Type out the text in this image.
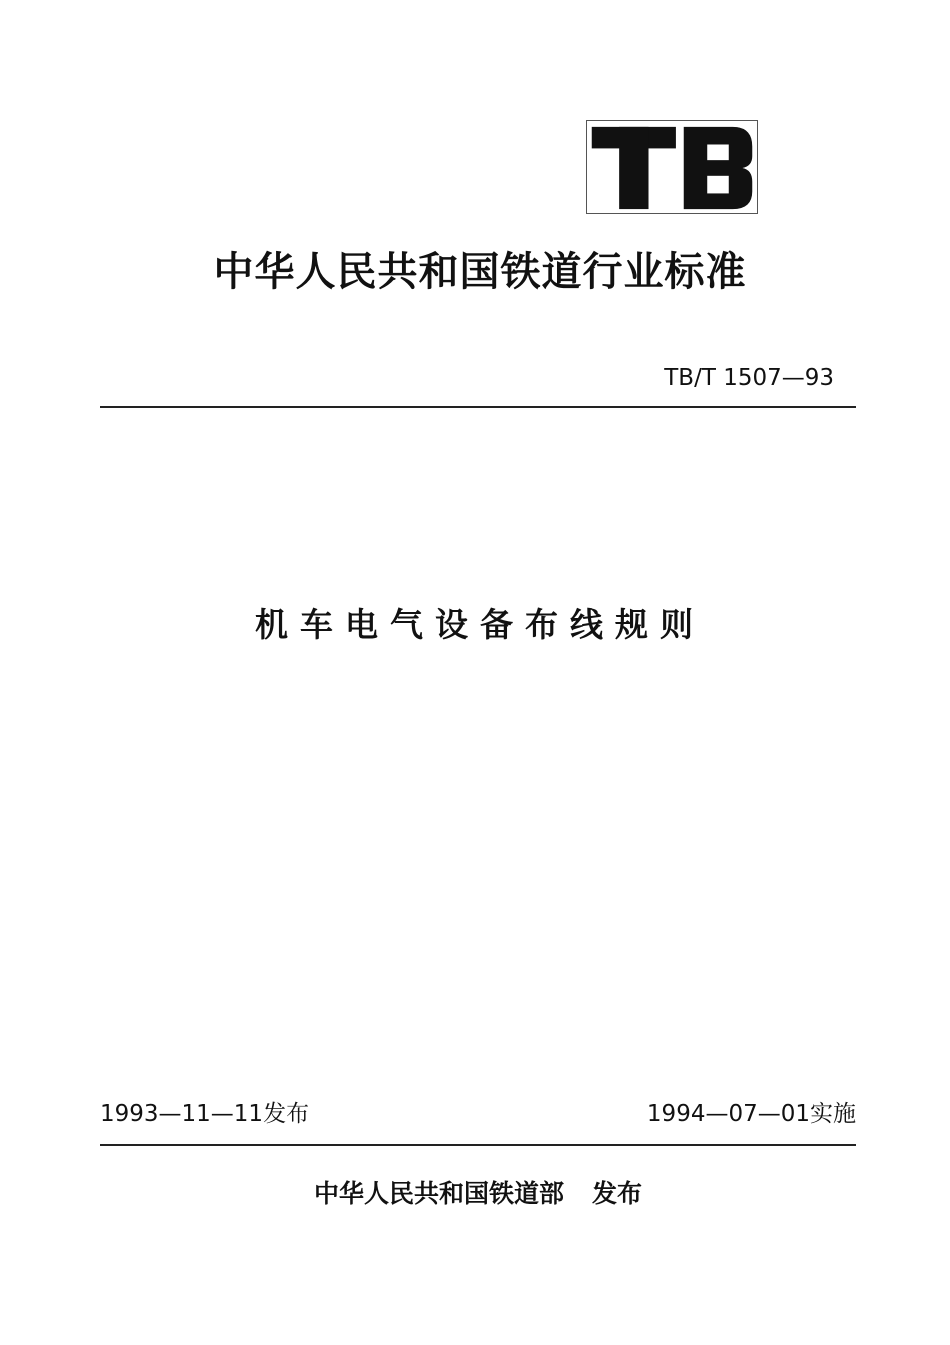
中华人民共和国铁道行业标准
TB/T 1507—93
机车电气设备布线规则
1993—11—11发布	1994—07—01实施
中华人民共和国铁道部 发布
